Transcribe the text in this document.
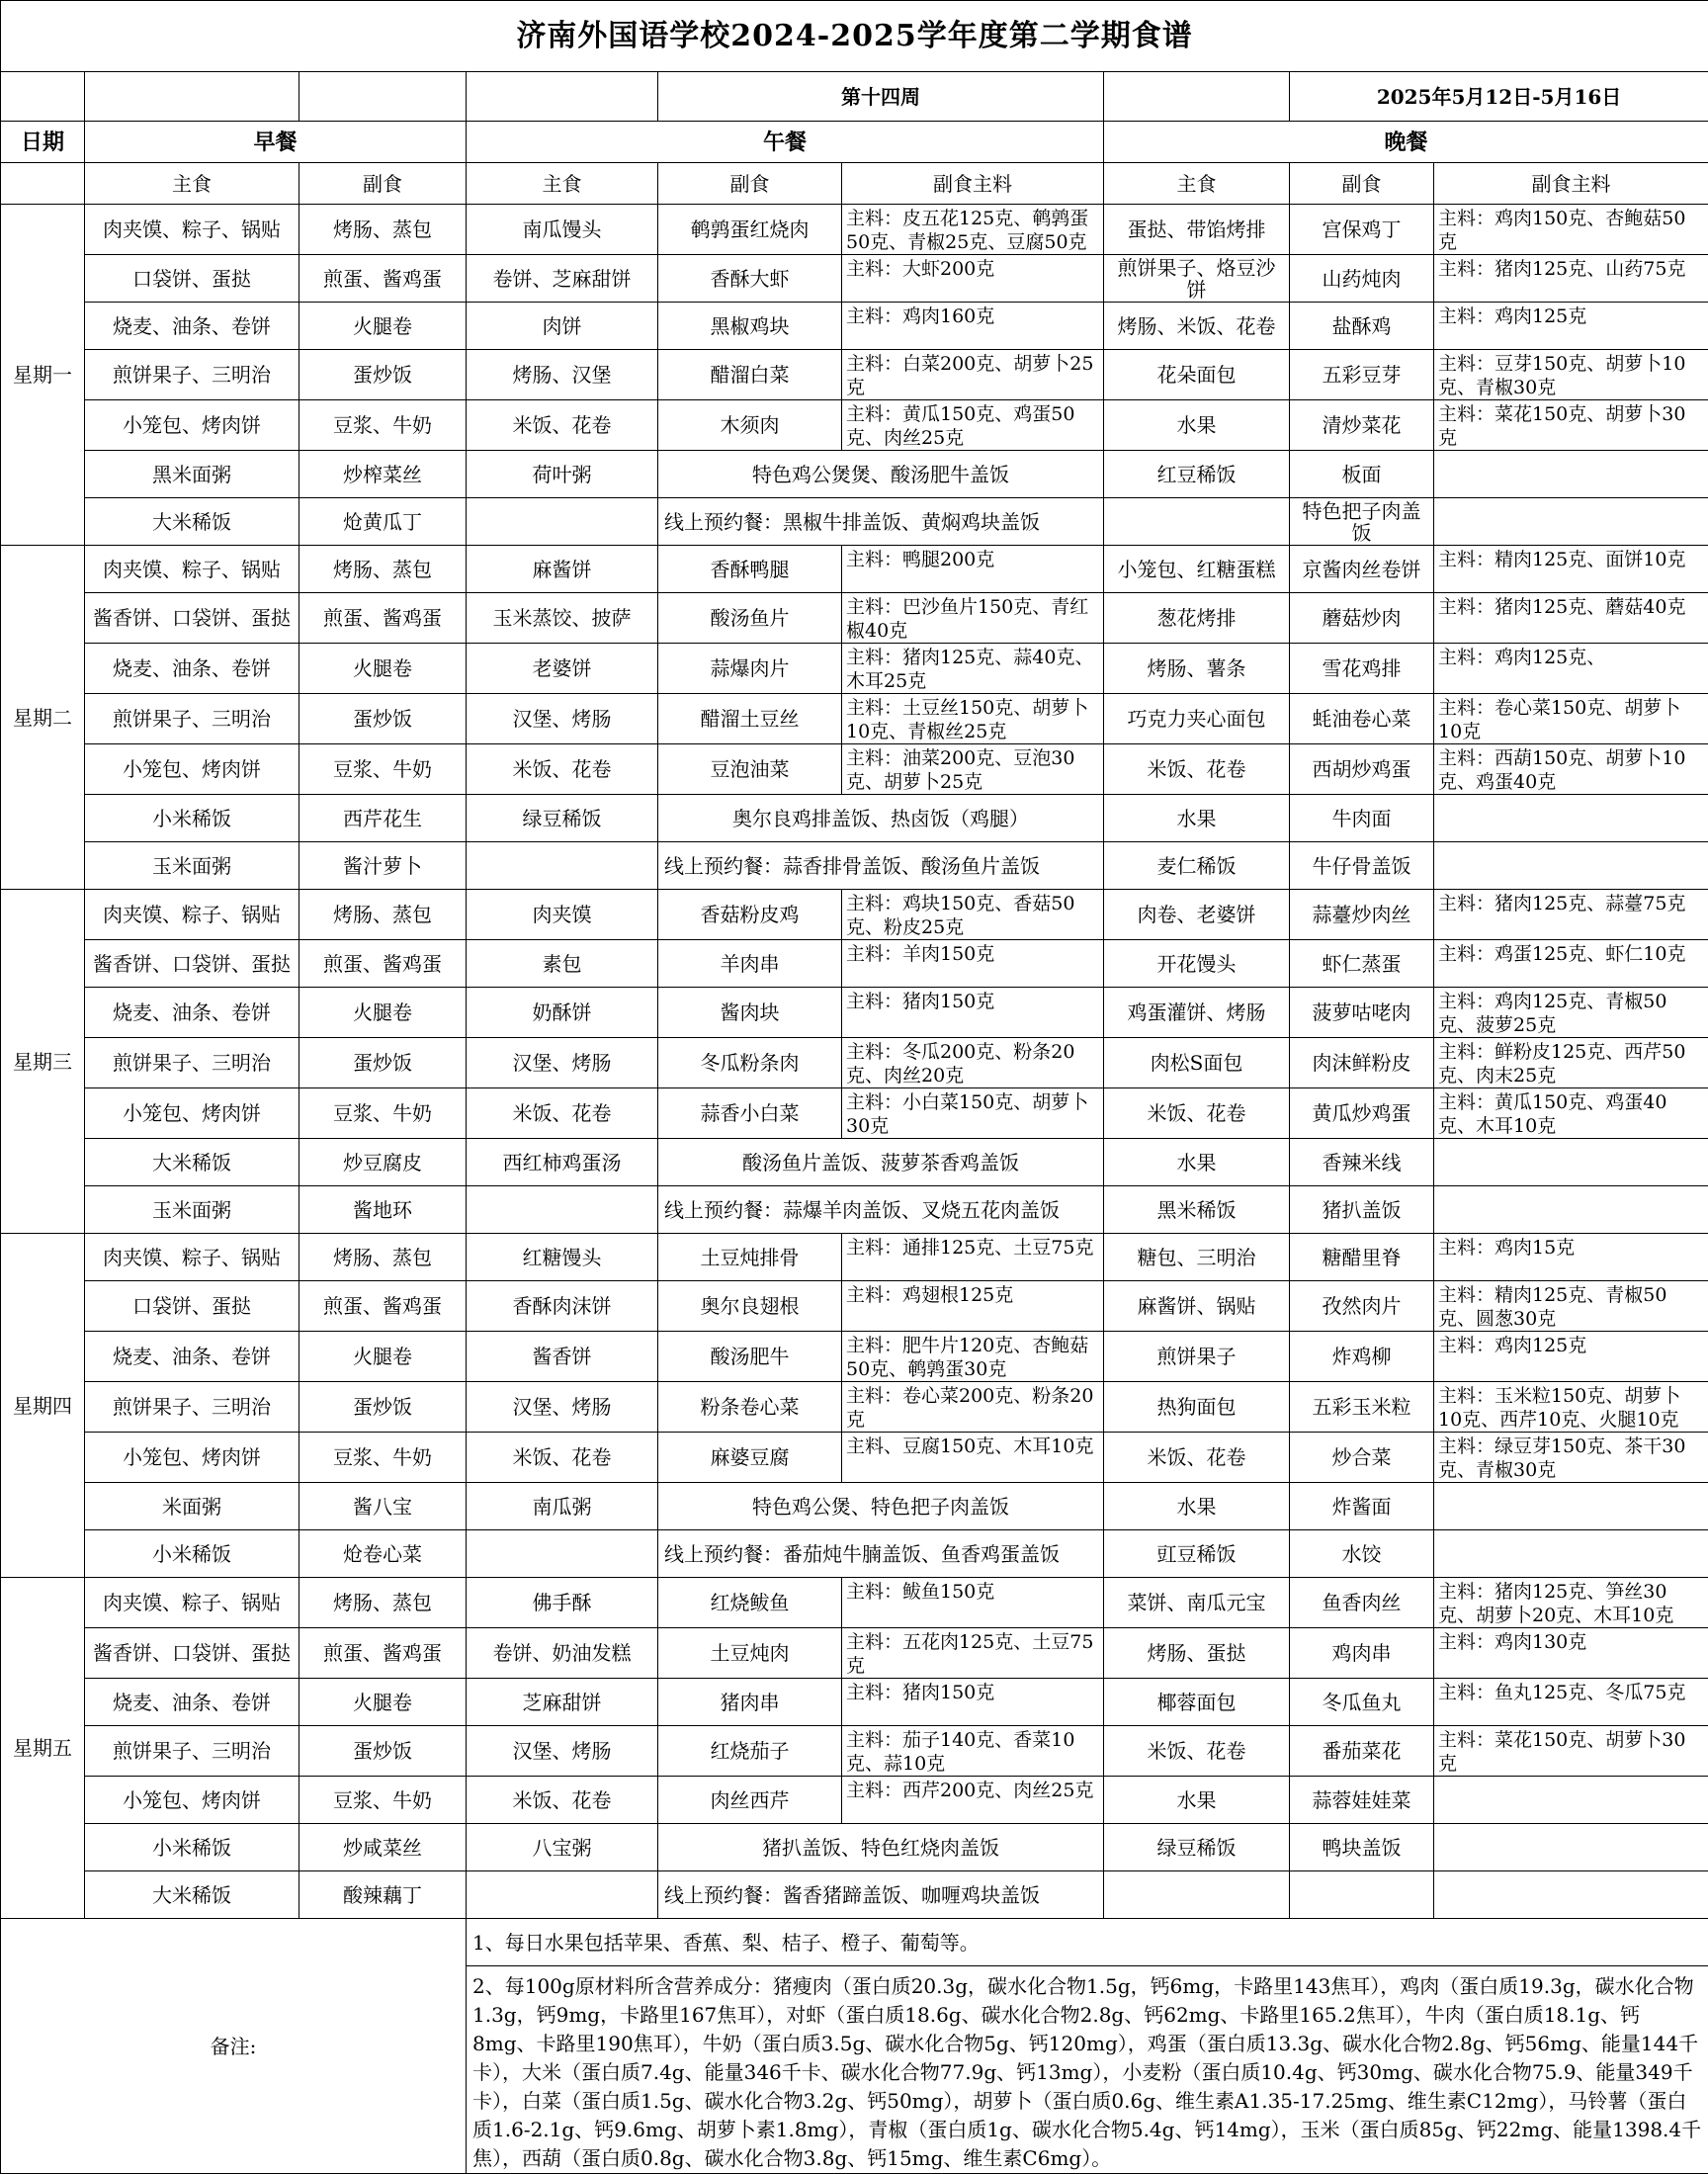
济南外国语学校2024-2025学年度第二学期食谱								
				第十四周			2025年5月12日-5月16日	
日期	早餐		午餐			晚餐		
	主食	副食	主食	副食	副食主料	主食	副食	副食主料
星期一	肉夹馍、粽子、锅贴	烤肠、蒸包	南瓜馒头	鹌鹑蛋红烧肉	主料：皮五花125克、鹌鹑蛋50克、青椒25克、豆腐50克	蛋挞、带馅烤排	宫保鸡丁	主料：鸡肉150克、杏鲍菇50克
	口袋饼、蛋挞	煎蛋、酱鸡蛋	卷饼、芝麻甜饼	香酥大虾	主料：大虾200克	煎饼果子、烙豆沙饼	山药炖肉	主料：猪肉125克、山药75克
	烧麦、油条、卷饼	火腿卷	肉饼	黑椒鸡块	主料：鸡肉160克	烤肠、米饭、花卷	盐酥鸡	主料：鸡肉125克
	煎饼果子、三明治	蛋炒饭	烤肠、汉堡	醋溜白菜	主料：白菜200克、胡萝卜25克	花朵面包	五彩豆芽	主料：豆芽150克、胡萝卜10克、青椒30克
	小笼包、烤肉饼	豆浆、牛奶	米饭、花卷	木须肉	主料：黄瓜150克、鸡蛋50克、肉丝25克	水果	清炒菜花	主料：菜花150克、胡萝卜30克
	黑米面粥	炒榨菜丝	荷叶粥	特色鸡公煲煲、酸汤肥牛盖饭		红豆稀饭	板面	
	大米稀饭	炝黄瓜丁		线上预约餐：黑椒牛排盖饭、黄焖鸡块盖饭			特色把子肉盖饭	
星期二	肉夹馍、粽子、锅贴	烤肠、蒸包	麻酱饼	香酥鸭腿	主料：鸭腿200克	小笼包、红糖蛋糕	京酱肉丝卷饼	主料：精肉125克、面饼10克
	酱香饼、口袋饼、蛋挞	煎蛋、酱鸡蛋	玉米蒸饺、披萨	酸汤鱼片	主料：巴沙鱼片150克、青红椒40克	葱花烤排	蘑菇炒肉	主料：猪肉125克、蘑菇40克
	烧麦、油条、卷饼	火腿卷	老婆饼	蒜爆肉片	主料：猪肉125克、蒜40克、木耳25克	烤肠、薯条	雪花鸡排	主料：鸡肉125克、
	煎饼果子、三明治	蛋炒饭	汉堡、烤肠	醋溜土豆丝	主料：土豆丝150克、胡萝卜10克、青椒丝25克	巧克力夹心面包	蚝油卷心菜	主料：卷心菜150克、胡萝卜10克
	小笼包、烤肉饼	豆浆、牛奶	米饭、花卷	豆泡油菜	主料：油菜200克、豆泡30克、胡萝卜25克	米饭、花卷	西胡炒鸡蛋	主料：西葫150克、胡萝卜10克、鸡蛋40克
	小米稀饭	西芹花生	绿豆稀饭	奥尔良鸡排盖饭、热卤饭（鸡腿）		水果	牛肉面	
	玉米面粥	酱汁萝卜		线上预约餐：蒜香排骨盖饭、酸汤鱼片盖饭		麦仁稀饭	牛仔骨盖饭	
星期三	肉夹馍、粽子、锅贴	烤肠、蒸包	肉夹馍	香菇粉皮鸡	主料：鸡块150克、香菇50克、粉皮25克	肉卷、老婆饼	蒜薹炒肉丝	主料：猪肉125克、蒜薹75克
	酱香饼、口袋饼、蛋挞	煎蛋、酱鸡蛋	素包	羊肉串	主料：羊肉150克	开花馒头	虾仁蒸蛋	主料：鸡蛋125克、虾仁10克
	烧麦、油条、卷饼	火腿卷	奶酥饼	酱肉块	主料：猪肉150克	鸡蛋灌饼、烤肠	菠萝咕咾肉	主料：鸡肉125克、青椒50克、菠萝25克
	煎饼果子、三明治	蛋炒饭	汉堡、烤肠	冬瓜粉条肉	主料：冬瓜200克、粉条20克、肉丝20克	肉松S面包	肉沫鲜粉皮	主料：鲜粉皮125克、西芹50克、肉末25克
	小笼包、烤肉饼	豆浆、牛奶	米饭、花卷	蒜香小白菜	主料：小白菜150克、胡萝卜30克	米饭、花卷	黄瓜炒鸡蛋	主料：黄瓜150克、鸡蛋40克、木耳10克
	大米稀饭	炒豆腐皮	西红柿鸡蛋汤	酸汤鱼片盖饭、菠萝茶香鸡盖饭		水果	香辣米线	
	玉米面粥	酱地环		线上预约餐：蒜爆羊肉盖饭、叉烧五花肉盖饭		黑米稀饭	猪扒盖饭	
星期四	肉夹馍、粽子、锅贴	烤肠、蒸包	红糖馒头	土豆炖排骨	主料：通排125克、土豆75克	糖包、三明治	糖醋里脊	主料：鸡肉15克
	口袋饼、蛋挞	煎蛋、酱鸡蛋	香酥肉沫饼	奥尔良翅根	主料：鸡翅根125克	麻酱饼、锅贴	孜然肉片	主料：精肉125克、青椒50克、圆葱30克
	烧麦、油条、卷饼	火腿卷	酱香饼	酸汤肥牛	主料：肥牛片120克、杏鲍菇50克、鹌鹑蛋30克	煎饼果子	炸鸡柳	主料：鸡肉125克
	煎饼果子、三明治	蛋炒饭	汉堡、烤肠	粉条卷心菜	主料：卷心菜200克、粉条20克	热狗面包	五彩玉米粒	主料：玉米粒150克、胡萝卜10克、西芹10克、火腿10克
	小笼包、烤肉饼	豆浆、牛奶	米饭、花卷	麻婆豆腐	主料、豆腐150克、木耳10克	米饭、花卷	炒合菜	主料：绿豆芽150克、茶干30克、青椒30克
	米面粥	酱八宝	南瓜粥	特色鸡公煲、特色把子肉盖饭		水果	炸酱面	
	小米稀饭	炝卷心菜		线上预约餐：番茄炖牛腩盖饭、鱼香鸡蛋盖饭		豇豆稀饭	水饺	
星期五	肉夹馍、粽子、锅贴	烤肠、蒸包	佛手酥	红烧鲅鱼	主料：鲅鱼150克	菜饼、南瓜元宝	鱼香肉丝	主料：猪肉125克、笋丝30克、胡萝卜20克、木耳10克
	酱香饼、口袋饼、蛋挞	煎蛋、酱鸡蛋	卷饼、奶油发糕	土豆炖肉	主料：五花肉125克、土豆75克	烤肠、蛋挞	鸡肉串	主料：鸡肉130克
	烧麦、油条、卷饼	火腿卷	芝麻甜饼	猪肉串	主料：猪肉150克	椰蓉面包	冬瓜鱼丸	主料：鱼丸125克、冬瓜75克
	煎饼果子、三明治	蛋炒饭	汉堡、烤肠	红烧茄子	主料：茄子140克、香菜10克、蒜10克	米饭、花卷	番茄菜花	主料：菜花150克、胡萝卜30克
	小笼包、烤肉饼	豆浆、牛奶	米饭、花卷	肉丝西芹	主料：西芹200克、肉丝25克	水果	蒜蓉娃娃菜	
	小米稀饭	炒咸菜丝	八宝粥	猪扒盖饭、特色红烧肉盖饭		绿豆稀饭	鸭块盖饭	
	大米稀饭	酸辣藕丁		线上预约餐：酱香猪蹄盖饭、咖喱鸡块盖饭				
备注:			1、每日水果包括苹果、香蕉、梨、桔子、橙子、葡萄等。					
			2、每100g原材料所含营养成分：猪瘦肉（蛋白质20.3g，碳水化合物1.5g，钙6mg，卡路里143焦耳），鸡肉（蛋白质19.3g，碳水化合物1.3g，钙9mg，卡路里167焦耳），对虾（蛋白质18.6g、碳水化合物2.8g、钙62mg、卡路里165.2焦耳），牛肉（蛋白质18.1g、钙8mg、卡路里190焦耳），牛奶（蛋白质3.5g、碳水化合物5g、钙120mg），鸡蛋（蛋白质13.3g、碳水化合物2.8g、钙56mg、能量144千卡），大米（蛋白质7.4g、能量346千卡、碳水化合物77.9g、钙13mg），小麦粉（蛋白质10.4g、钙30mg、碳水化合物75.9、能量349千卡），白菜（蛋白质1.5g、碳水化合物3.2g、钙50mg），胡萝卜（蛋白质0.6g、维生素A1.35-17.25mg、维生素C12mg），马铃薯（蛋白质1.6-2.1g、钙9.6mg、胡萝卜素1.8mg），青椒（蛋白质1g、碳水化合物5.4g、钙14mg），玉米（蛋白质85g、钙22mg、能量1398.4千焦），西葫（蛋白质0.8g、碳水化合物3.8g、钙15mg、维生素C6mg）。					
